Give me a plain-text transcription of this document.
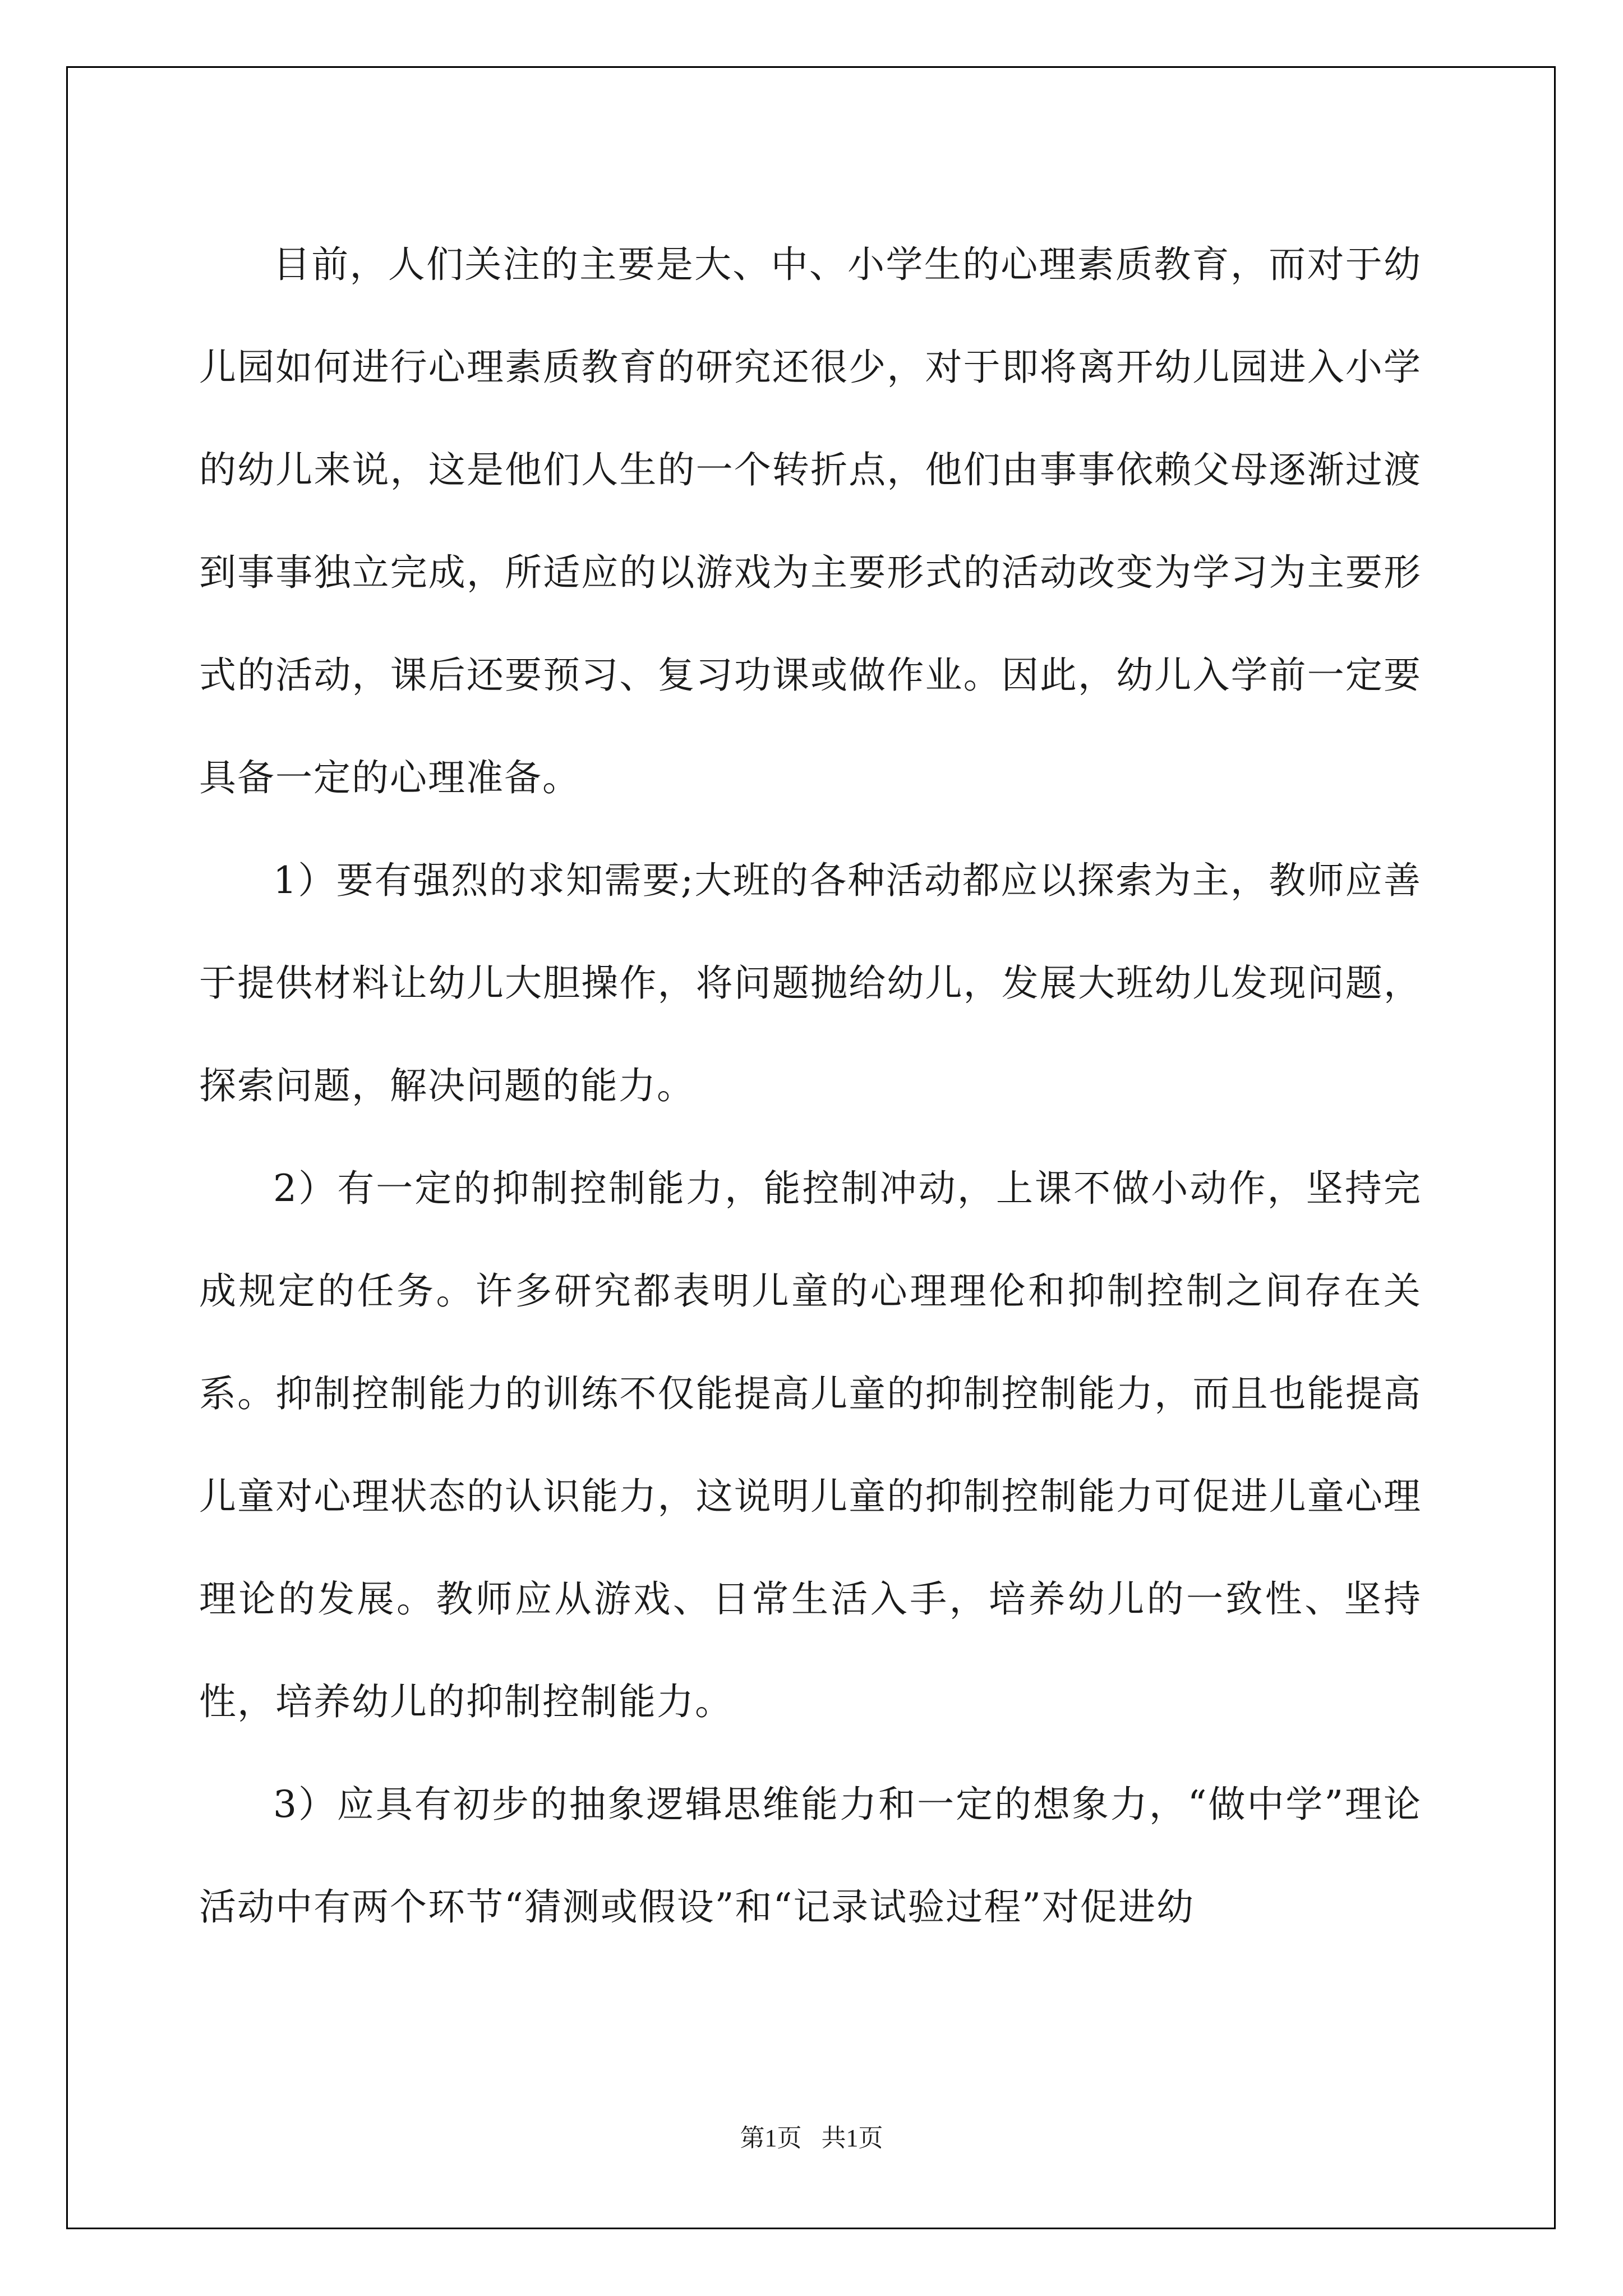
目前，人们关注的主要是大、中、小学生的心理素质教育，而对于幼儿园如何进行心理素质教育的研究还很少，对于即将离开幼儿园进入小学的幼儿来说，这是他们人生的一个转折点，他们由事事依赖父母逐渐过渡到事事独立完成，所适应的以游戏为主要形式的活动改变为学习为主要形式的活动，课后还要预习、复习功课或做作业。因此，幼儿入学前一定要具备一定的心理准备。

1）要有强烈的求知需要;大班的各种活动都应以探索为主，教师应善于提供材料让幼儿大胆操作，将问题抛给幼儿，发展大班幼儿发现问题，探索问题，解决问题的能力。

2）有一定的抑制控制能力，能控制冲动，上课不做小动作，坚持完成规定的任务。许多研究都表明儿童的心理理伦和抑制控制之间存在关系。抑制控制能力的训练不仅能提高儿童的抑制控制能力，而且也能提高儿童对心理状态的认识能力，这说明儿童的抑制控制能力可促进儿童心理理论的发展。教师应从游戏、日常生活入手，培养幼儿的一致性、坚持性，培养幼儿的抑制控制能力。

3）应具有初步的抽象逻辑思维能力和一定的想象力，“做中学”理论活动中有两个环节“猜测或假设”和“记录试验过程”对促进幼

第1页 共1页
